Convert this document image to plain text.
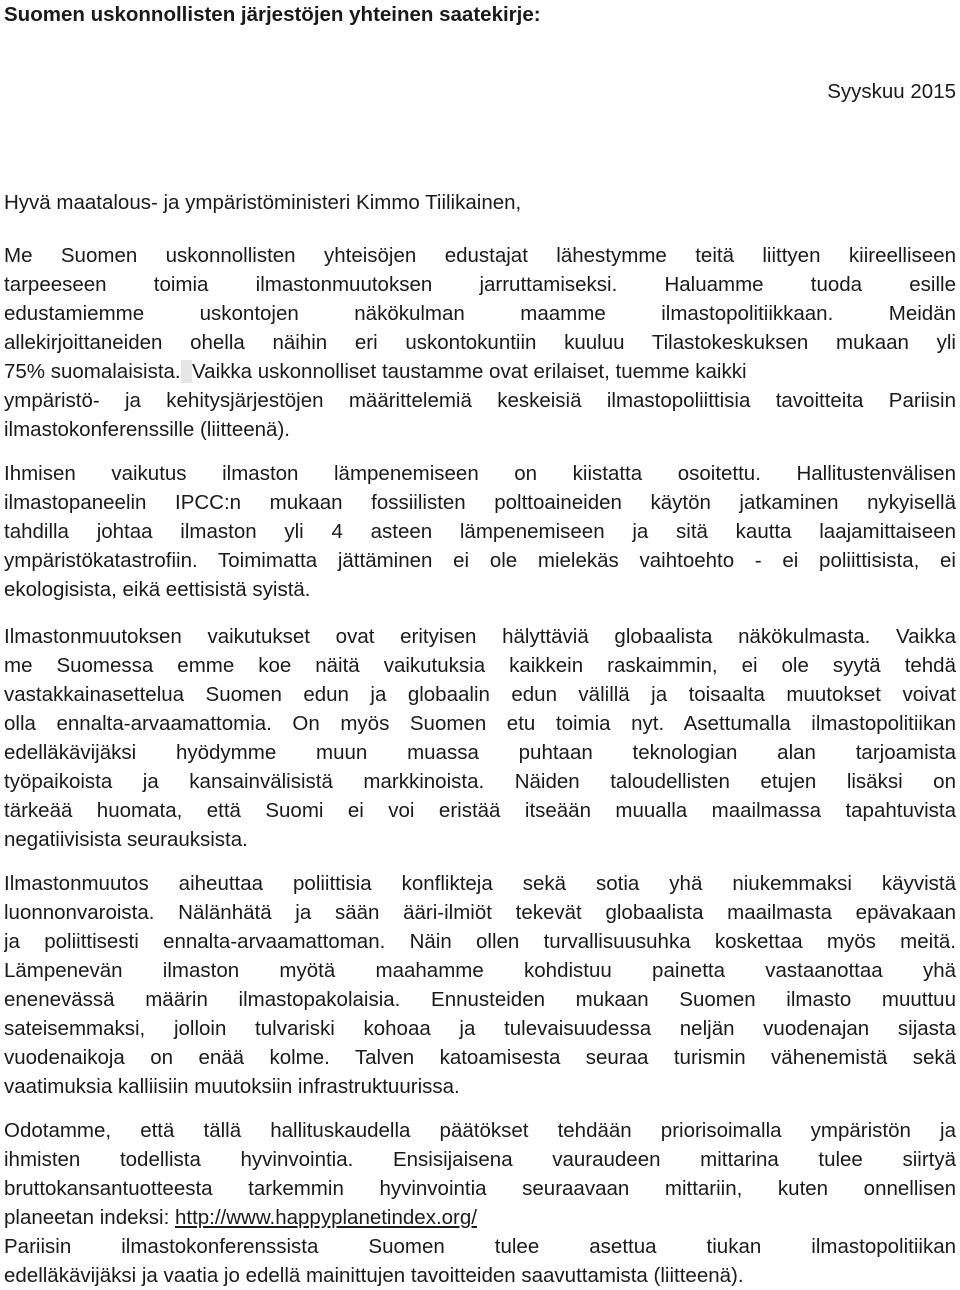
Suomen uskonnollisten järjestöjen yhteinen saatekirje:
Syyskuu 2015
Hyvä maatalous- ja ympäristöministeri Kimmo Tiilikainen,
Me Suomen uskonnollisten yhteisöjen edustajat lähestymme teitä liittyen kiireelliseen
tarpeeseen toimia ilmastonmuutoksen jarruttamiseksi. Haluamme tuoda esille
edustamiemme uskontojen näkökulman maamme ilmastopolitiikkaan. Meidän
allekirjoittaneiden ohella näihin eri uskontokuntiin kuuluu Tilastokeskuksen mukaan yli
75% suomalaisista. Vaikka uskonnolliset taustamme ovat erilaiset, tuemme kaikki
ympäristö- ja kehitysjärjestöjen määrittelemiä keskeisiä ilmastopoliittisia tavoitteita Pariisin
ilmastokonferenssille (liitteenä).
Ihmisen vaikutus ilmaston lämpenemiseen on kiistatta osoitettu. Hallitustenvälisen
ilmastopaneelin IPCC:n mukaan fossiilisten polttoaineiden käytön jatkaminen nykyisellä
tahdilla johtaa ilmaston yli 4 asteen lämpenemiseen ja sitä kautta laajamittaiseen
ympäristökatastrofiin. Toimimatta jättäminen ei ole mielekäs vaihtoehto - ei poliittisista, ei
ekologisista, eikä eettisistä syistä.
Ilmastonmuutoksen vaikutukset ovat erityisen hälyttäviä globaalista näkökulmasta. Vaikka
me Suomessa emme koe näitä vaikutuksia kaikkein raskaimmin, ei ole syytä tehdä
vastakkainasettelua Suomen edun ja globaalin edun välillä ja toisaalta muutokset voivat
olla ennalta-arvaamattomia. On myös Suomen etu toimia nyt. Asettumalla ilmastopolitiikan
edelläkävijäksi hyödymme muun muassa puhtaan teknologian alan tarjoamista
työpaikoista ja kansainvälisistä markkinoista. Näiden taloudellisten etujen lisäksi on
tärkeää huomata, että Suomi ei voi eristää itseään muualla maailmassa tapahtuvista
negatiivisista seurauksista.
Ilmastonmuutos aiheuttaa poliittisia konflikteja sekä sotia yhä niukemmaksi käyvistä
luonnonvaroista. Nälänhätä ja sään ääri-ilmiöt tekevät globaalista maailmasta epävakaan
ja poliittisesti ennalta-arvaamattoman. Näin ollen turvallisuusuhka koskettaa myös meitä.
Lämpenevän ilmaston myötä maahamme kohdistuu painetta vastaanottaa yhä
enenevässä määrin ilmastopakolaisia. Ennusteiden mukaan Suomen ilmasto muuttuu
sateisemmaksi, jolloin tulvariski kohoaa ja tulevaisuudessa neljän vuodenajan sijasta
vuodenaikoja on enää kolme. Talven katoamisesta seuraa turismin vähenemistä sekä
vaatimuksia kalliisiin muutoksiin infrastruktuurissa.
Odotamme, että tällä hallituskaudella päätökset tehdään priorisoimalla ympäristön ja
ihmisten todellista hyvinvointia. Ensisijaisena vauraudeen mittarina tulee siirtyä
bruttokansantuotteesta tarkemmin hyvinvointia seuraavaan mittariin, kuten onnellisen
planeetan indeksi: http://www.happyplanetindex.org/
Pariisin ilmastokonferenssista Suomen tulee asettua tiukan ilmastopolitiikan
edelläkävijäksi ja vaatia jo edellä mainittujen tavoitteiden saavuttamista (liitteenä).
